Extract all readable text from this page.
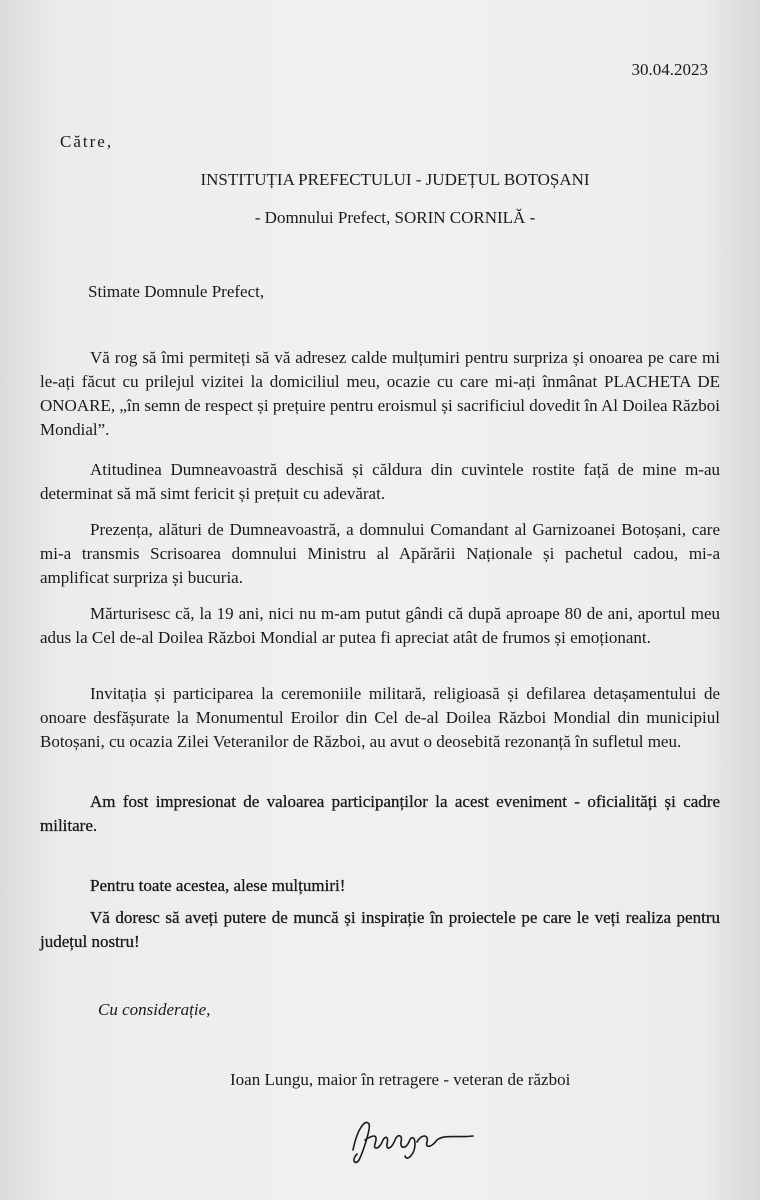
30.04.2023
Către,
INSTITUȚIA PREFECTULUI - JUDEȚUL BOTOȘANI
- Domnului Prefect, SORIN CORNILĂ -
Stimate Domnule Prefect,

Vă rog să îmi permiteți să vă adresez calde mulțumiri pentru surpriza și onoarea pe care mi le-ați făcut cu prilejul vizitei la domiciliul meu, ocazie cu care mi-ați înmânat PLACHETA DE ONOARE, „în semn de respect și prețuire pentru eroismul și sacrificiul dovedit în Al Doilea Război Mondial”.

Atitudinea Dumneavoastră deschisă și căldura din cuvintele rostite față de mine m-au determinat să mă simt fericit și prețuit cu adevărat.

Prezența, alături de Dumneavoastră, a domnului Comandant al Garnizoanei Botoșani, care mi-a transmis Scrisoarea domnului Ministru al Apărării Naționale și pachetul cadou, mi-a amplificat surpriza și bucuria.

Mărturisesc că, la 19 ani, nici nu m-am putut gândi că după aproape 80 de ani, aportul meu adus la Cel de-al Doilea Război Mondial ar putea fi apreciat atât de frumos și emoționant.

Invitația și participarea la ceremoniile militară, religioasă și defilarea detașamentului de onoare desfășurate la Monumentul Eroilor din Cel de-al Doilea Război Mondial din municipiul Botoșani, cu ocazia Zilei Veteranilor de Război, au avut o deosebită rezonanță în sufletul meu.

Am fost impresionat de valoarea participanților la acest eveniment - oficialități și cadre militare.

Pentru toate acestea, alese mulțumiri!

Vă doresc să aveți putere de muncă și inspirație în proiectele pe care le veți realiza pentru județul nostru!

Cu considerație,
Ioan Lungu, maior în retragere - veteran de război
